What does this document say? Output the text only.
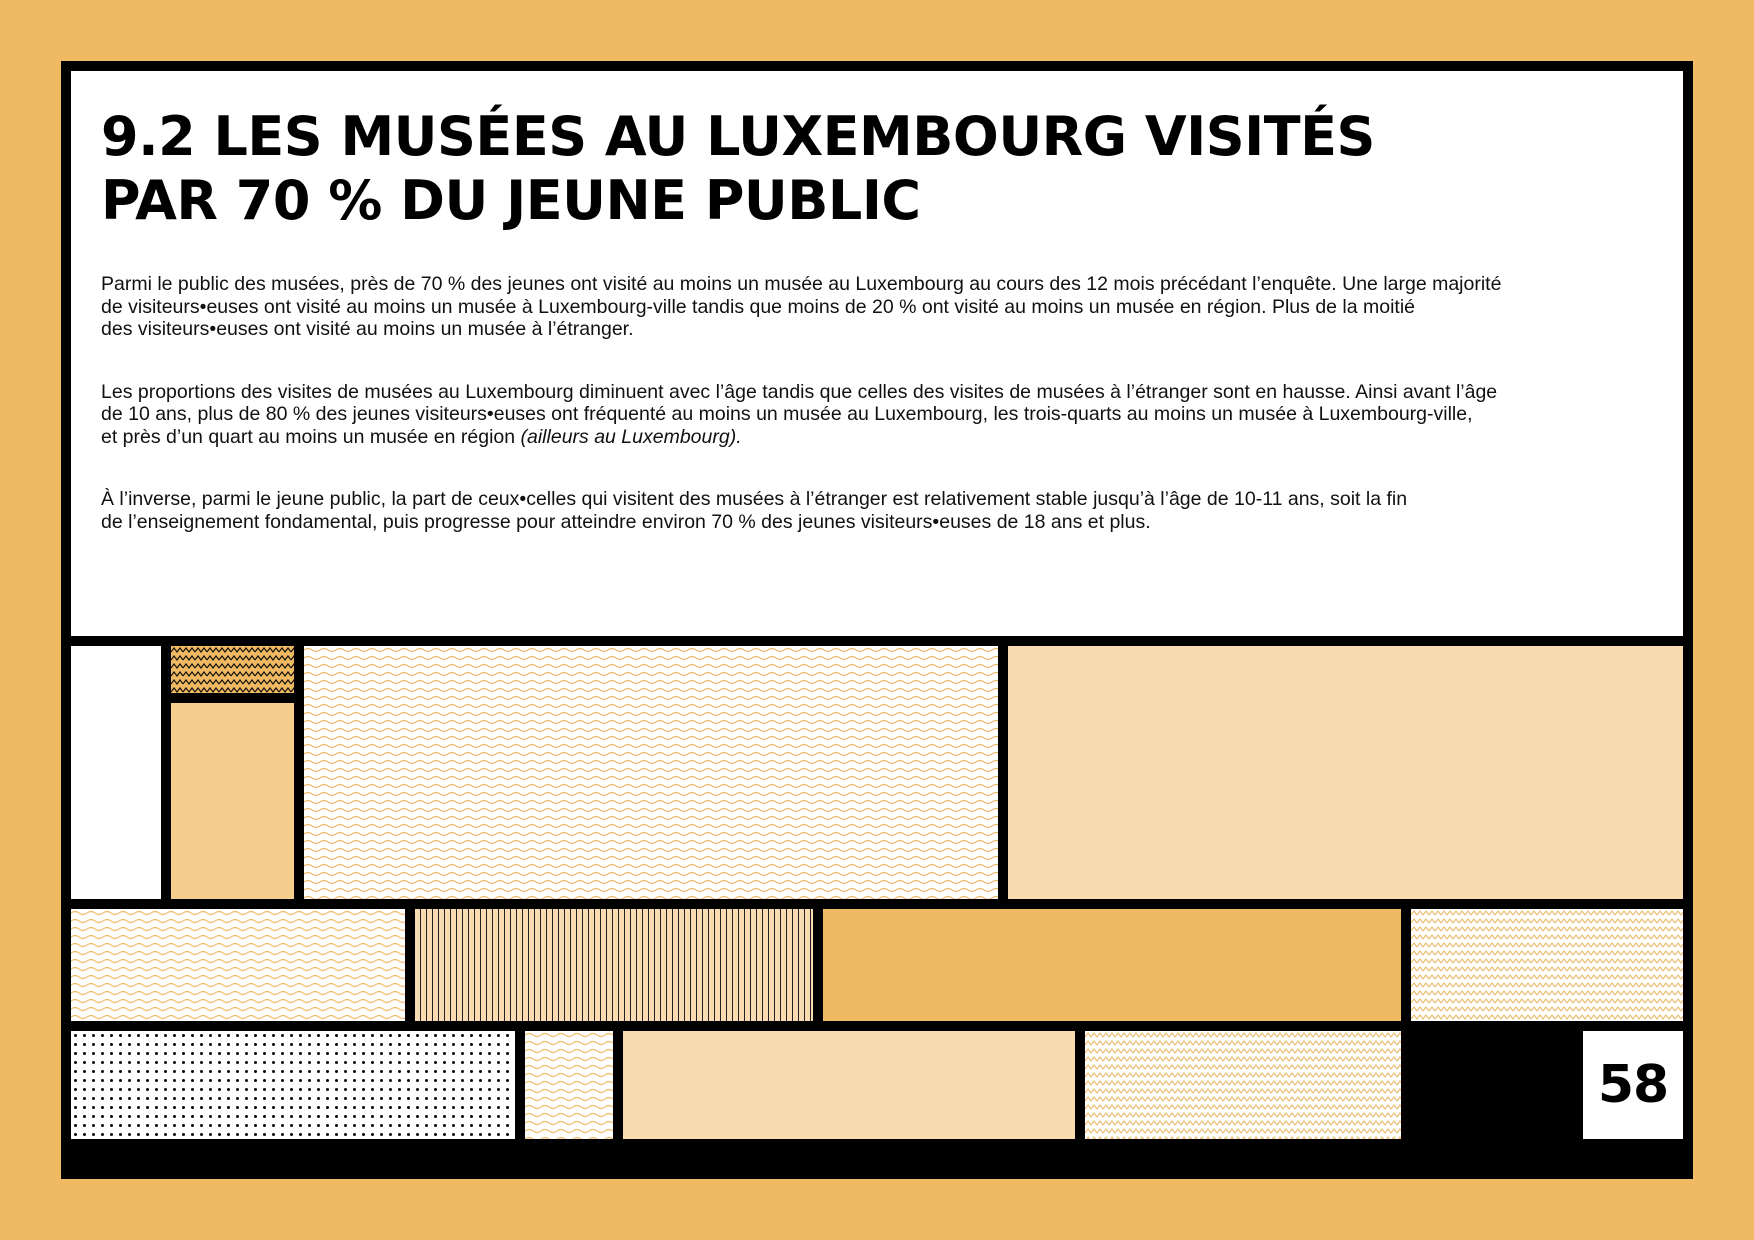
9.2 LES MUSÉES AU LUXEMBOURG VISITÉS
PAR 70 % DU JEUNE PUBLIC

Parmi le public des musées, près de 70 % des jeunes ont visité au moins un musée au Luxembourg au cours des 12 mois précédant l’enquête. Une large majorité
de visiteurs•euses ont visité au moins un musée à Luxembourg-ville tandis que moins de 20 % ont visité au moins un musée en région. Plus de la moitié
des visiteurs•euses ont visité au moins un musée à l’étranger.

Les proportions des visites de musées au Luxembourg diminuent avec l’âge tandis que celles des visites de musées à l’étranger sont en hausse. Ainsi avant l’âge
de 10 ans, plus de 80 % des jeunes visiteurs•euses ont fréquenté au moins un musée au Luxembourg, les trois-quarts au moins un musée à Luxembourg-ville,
et près d’un quart au moins un musée en région (ailleurs au Luxembourg).

À l’inverse, parmi le jeune public, la part de ceux•celles qui visitent des musées à l’étranger est relativement stable jusqu’à l’âge de 10-11 ans, soit la fin
de l’enseignement fondamental, puis progresse pour atteindre environ 70 % des jeunes visiteurs•euses de 18 ans et plus.

58
